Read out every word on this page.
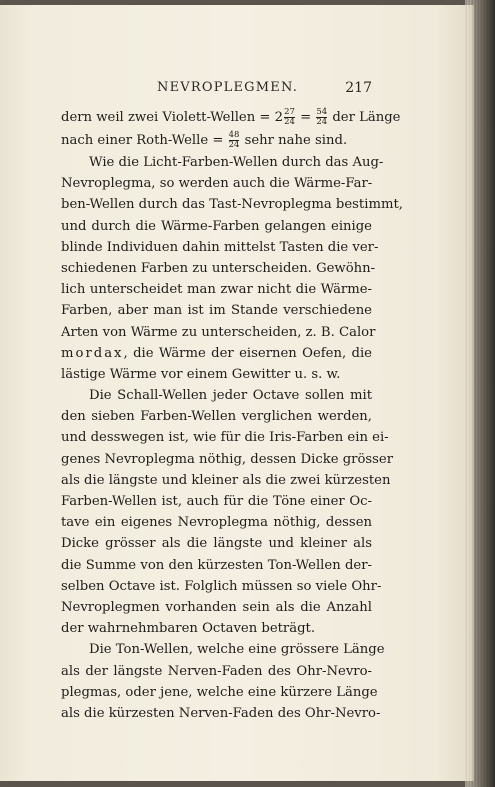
NEVROPLEGMEN.	217
dern weil zwei Violett-Wellen = $2 \frac{27}{24} = \frac{54}{24}$ der Länge
nach einer Roth-Welle = $\frac{48}{24}$ sehr nahe sind.
Wie die Licht-Farben-Wellen durch das Aug-
Nevroplegma, so werden auch die Wärme-Far-
ben-Wellen durch das Tast-Nevroplegma bestimmt,
und durch die Wärme-Farben gelangen einige
blinde Individuen dahin mittelst Tasten die ver-
schiedenen Farben zu unterscheiden. Gewöhn-
lich unterscheidet man zwar nicht die Wärme-
Farben, aber man ist im Stande verschiedene
Arten von Wärme zu unterscheiden, z. B. Calor
mordax, die Wärme der eisernen Oefen, die
lästige Wärme vor einem Gewitter u. s. w.
Die Schall-Wellen jeder Octave sollen mit
den sieben Farben-Wellen verglichen werden,
und desswegen ist, wie für die Iris-Farben ein ei-
genes Nevroplegma nöthig, dessen Dicke grösser
als die längste und kleiner als die zwei kürzesten
Farben-Wellen ist, auch für die Töne einer Oc-
tave ein eigenes Nevroplegma nöthig, dessen
Dicke grösser als die längste und kleiner als
die Summe von den kürzesten Ton-Wellen der-
selben Octave ist. Folglich müssen so viele Ohr-
Nevroplegmen vorhanden sein als die Anzahl
der wahrnehmbaren Octaven beträgt.
Die Ton-Wellen, welche eine grössere Länge
als der längste Nerven-Faden des Ohr-Nevro-
plegmas, oder jene, welche eine kürzere Länge
als die kürzesten Nerven-Faden des Ohr-Nevro-
